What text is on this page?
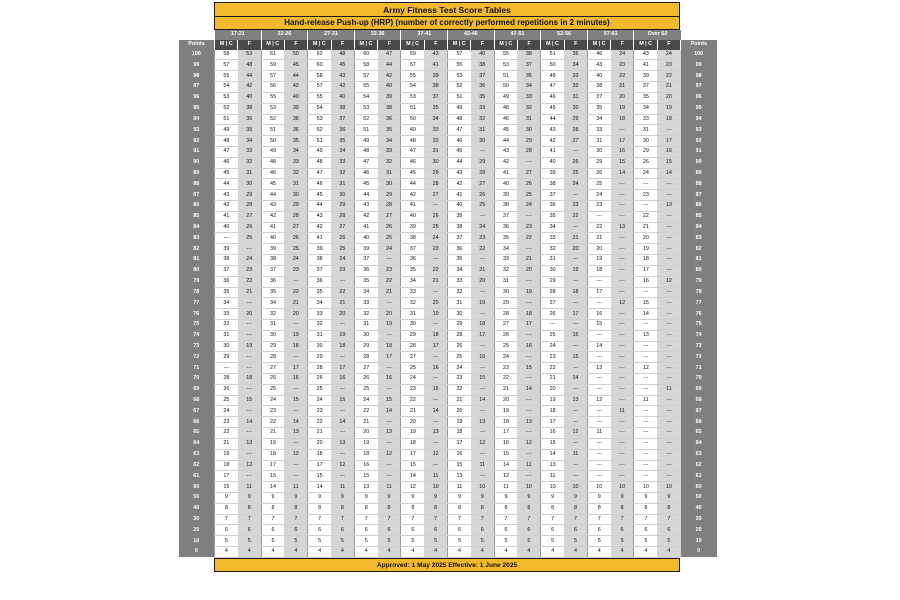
Army Fitness Test Score Tables
Hand-release Push-up (HRP) (number of correctly performed repetitions in 2 minutes)
	17-21		22-26		27-31		32-36		37-41		42-46		47-51		52-56		57-61		Over 62		
Points	M | C	F	M | C	F	M | C	F	M | C	F	M | C	F	M | C	F	M | C	F	M | C	F	M | C	F	M | C	F	Points
100	58	53	61	50	62	48	60	47	59	43	57	40	55	38	51	36	46	24	43	24	100
99	57	48	59	45	60	45	58	44	57	41	55	38	53	37	50	34	43	23	41	23	99
98	55	44	57	44	58	43	57	42	55	39	53	37	51	35	48	33	40	22	39	22	98
97	54	42	56	42	57	42	55	40	54	38	52	36	50	34	47	32	38	21	37	21	97
96	53	40	55	40	55	40	54	39	53	37	51	35	49	33	46	31	37	20	35	20	96
95	52	38	53	39	54	38	53	38	51	35	49	33	48	32	45	30	35	19	34	19	95
94	51	36	52	38	53	37	52	36	50	34	48	32	46	31	44	29	34	18	33	18	94
93	49	35	51	36	52	36	51	35	49	33	47	31	45	30	43	28	33	---	31	---	93
92	48	34	50	35	51	35	49	34	48	32	46	30	44	29	42	27	31	17	30	17	92
91	47	33	49	34	49	34	48	33	47	31	45	---	43	28	41	---	30	16	29	16	91
90	46	32	48	33	48	33	47	32	46	30	44	29	42	---	40	26	29	15	26	15	90
89	45	31	46	32	47	32	46	31	45	29	43	28	41	27	39	25	26	14	24	14	89
88	44	30	45	31	46	31	45	30	44	28	42	27	40	26	38	24	25	---	---	---	88
87	43	29	44	30	45	30	44	29	42	27	41	26	39	25	37	---	24	---	23	---	87
86	42	28	43	29	44	29	43	28	41	---	40	25	38	24	36	23	23	---	---	13	86
85	41	27	42	28	43	28	42	27	40	26	39	---	37	---	35	22	---	---	22	---	85
84	40	26	41	27	42	27	41	26	39	25	38	24	36	23	34	---	22	13	21	---	84
83	---	25	40	26	41	26	40	25	38	24	37	23	35	22	33	21	21	---	20	---	83
82	39	---	39	25	39	25	39	24	37	23	36	22	34	---	32	20	20	---	19	---	82
81	38	24	38	24	38	24	37	---	36	---	35	---	33	21	31	---	19	---	18	---	81
80	37	23	37	23	37	23	36	23	35	22	34	21	32	20	30	19	18	---	17	---	80
79	36	22	36	---	36	---	35	22	34	21	33	20	31	---	29	---	---	---	16	12	79
78	35	21	35	22	35	22	34	21	33	---	32	---	30	19	28	18	17	---	---	---	78
77	34	---	34	21	34	21	33	---	32	20	31	19	29	---	27	---	---	12	15	---	77
76	33	20	32	20	33	20	32	20	31	19	30	---	28	18	26	17	16	---	14	---	76
75	32	---	31	---	32	---	31	19	30	---	29	18	27	17	---	---	15	---	---	---	75
74	31	---	30	19	31	19	30	---	29	18	28	17	26	---	25	16	---	---	13	---	74
73	30	19	29	18	30	18	29	18	28	17	26	---	25	16	24	---	14	---	---	---	73
72	29	---	28	---	29	---	28	17	27	---	25	16	24	---	23	15	---	---	---	---	72
71	---	---	27	17	28	17	27	---	25	16	24	---	23	15	22	---	13	---	12	---	71
70	28	18	26	16	26	16	26	16	24	---	23	15	22	---	21	14	---	---	---	---	70
69	26	---	25	---	25	---	25	---	23	15	22	---	21	14	20	---	---	---	---	11	69
68	25	15	24	15	24	15	24	15	22	---	21	14	20	---	19	13	12	---	11	---	68
67	24	---	23	---	23	---	22	14	21	14	20	---	19	---	18	---	---	11	---	---	67
66	23	14	22	14	22	14	21	---	20	---	19	13	18	13	17	---	---	---	---	---	66
65	22	---	21	13	21	---	20	13	19	13	18	---	17	---	16	12	11	---	---	---	65
64	21	13	19	---	20	13	19	---	18	---	17	12	16	12	15	---	---	---	---	---	64
63	19	---	18	12	18	---	18	12	17	12	16	---	15	---	14	11	---	---	---	---	63
62	18	12	17	---	17	12	16	---	15	---	15	11	14	11	13	---	---	---	---	---	62
61	17	---	15	---	15	---	15	---	14	11	13	---	12	---	11	---	---	---	---	---	61
60	15	11	14	11	14	11	13	11	12	10	11	10	11	10	10	10	10	10	10	10	60
50	9	9	9	9	9	9	9	9	9	9	9	9	9	9	9	9	9	9	9	9	50
40	8	8	8	8	8	8	8	8	8	8	8	8	8	8	8	8	8	8	8	8	40
30	7	7	7	7	7	7	7	7	7	7	7	7	7	7	7	7	7	7	7	7	30
20	6	6	6	6	6	6	6	6	6	6	6	6	6	6	6	6	6	6	6	6	20
10	5	5	5	5	5	5	5	5	5	5	5	5	5	5	5	5	5	5	5	5	10
0	4	4	4	4	4	4	4	4	4	4	4	4	4	4	4	4	4	4	4	4	0
Approved: 1 May 2025 Effective: 1 June 2025
